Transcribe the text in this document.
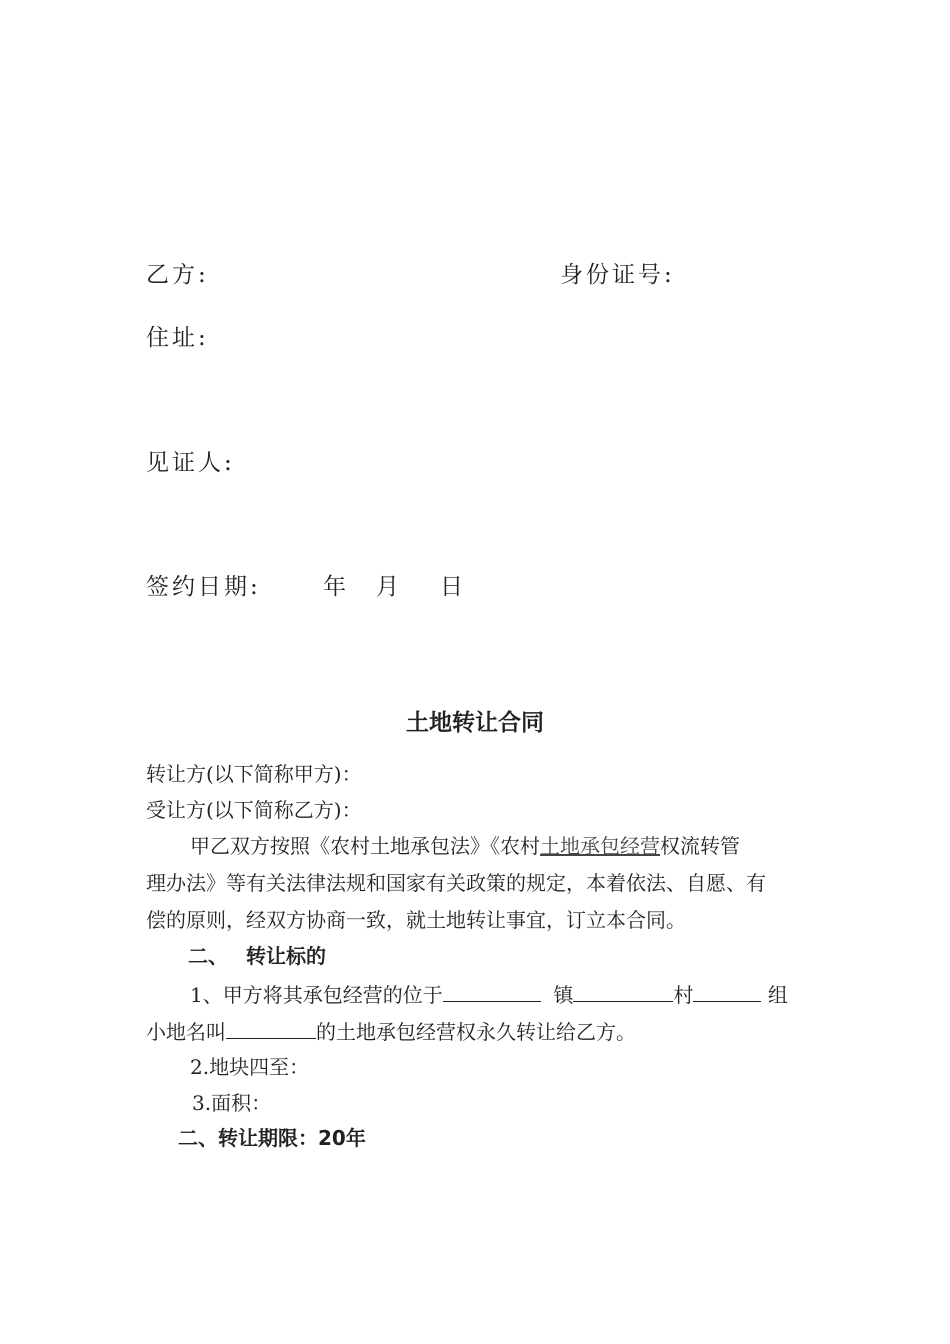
乙方:	身份证号:
住址:
见证人:
签约日期:	年 月 日
土地转让合同
转让方(以下简称甲方)：
受让方(以下简称乙方)：
甲乙双方按照《农村土地承包法》《农村土地承包经营权流转管
理办法》等有关法律法规和国家有关政策的规定，本着依法、自愿、有
偿的原则，经双方协商一致，就土地转让事宜，订立本合同。
二、 转让标的
1、甲方将其承包经营的位于	镇	村	组
小地名叫	的土地承包经营权永久转让给乙方。
2.地块四至：
3.面积：
二、转让期限：20年
